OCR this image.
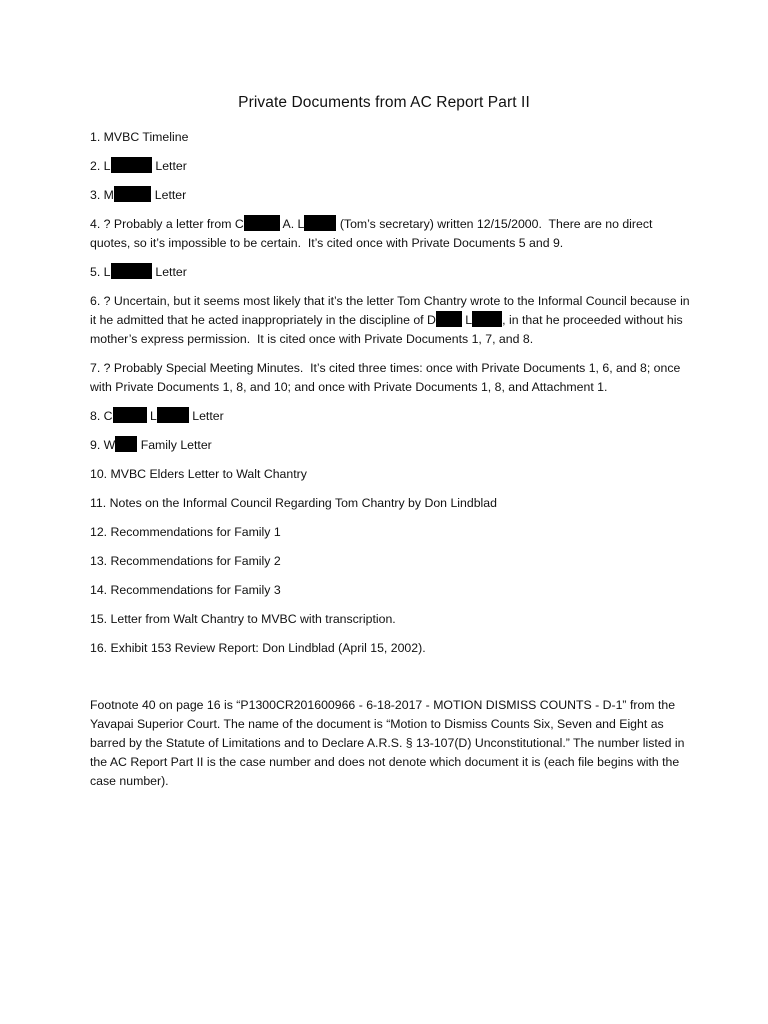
Private Documents from AC Report Part II

1. MVBC Timeline

2. L	Letter

3. M	Letter

4. ? Probably a letter from C	A. L	(Tom’s secretary) written 12/15/2000.  There are no direct quotes, so it’s impossible to be certain.  It’s cited once with Private Documents 5 and 9.

5. L	Letter

6. ? Uncertain, but it seems most likely that it’s the letter Tom Chantry wrote to the Informal Council because in it he admitted that he acted inappropriately in the discipline of D L , in that he proceeded without his mother’s express permission.  It is cited once with Private Documents 1, 7, and 8.

7. ? Probably Special Meeting Minutes.  It’s cited three times: once with Private Documents 1, 6, and 8; once with Private Documents 1, 8, and 10; and once with Private Documents 1, 8, and Attachment 1.

8. C	L	Letter

9. W Family Letter

10. MVBC Elders Letter to Walt Chantry

11. Notes on the Informal Council Regarding Tom Chantry by Don Lindblad

12. Recommendations for Family 1

13. Recommendations for Family 2

14. Recommendations for Family 3

15. Letter from Walt Chantry to MVBC with transcription.

16. Exhibit 153 Review Report: Don Lindblad (April 15, 2002).

Footnote 40 on page 16 is “P1300CR201600966 - 6-18-2017 - MOTION DISMISS COUNTS - D-1” from the Yavapai Superior Court. The name of the document is “Motion to Dismiss Counts Six, Seven and Eight as barred by the Statute of Limitations and to Declare A.R.S. § 13-107(D) Unconstitutional.” The number listed in the AC Report Part II is the case number and does not denote which document it is (each file begins with the case number).
